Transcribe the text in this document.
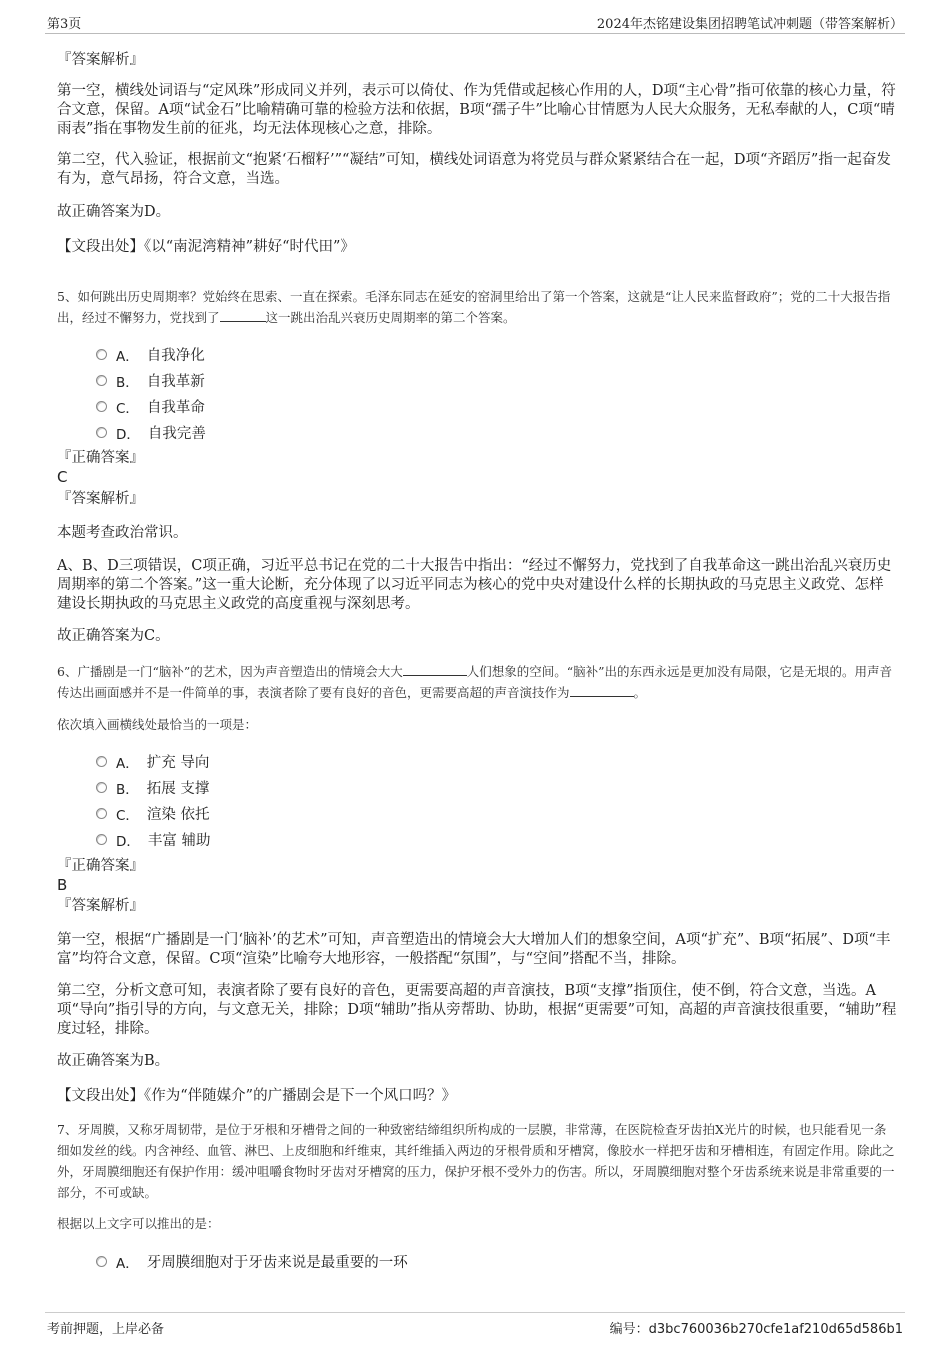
第3页	2024年杰铭建设集团招聘笔试冲刺题（带答案解析）
『答案解析』
第一空，横线处词语与“定风珠”形成同义并列，表示可以倚仗、作为凭借或起核心作用的人，D项“主心骨”指可依靠的核心力量，符合文意，保留。A项“试金石”比喻精确可靠的检验方法和依据，B项“孺子牛”比喻心甘情愿为人民大众服务，无私奉献的人，C项“晴雨表”指在事物发生前的征兆，均无法体现核心之意，排除。
第二空，代入验证，根据前文“抱紧‘石榴籽’”“凝结”可知，横线处词语意为将党员与群众紧紧结合在一起，D项“齐蹈厉”指一起奋发有为，意气昂扬，符合文意，当选。
故正确答案为D。
【文段出处】《以“南泥湾精神”耕好“时代田”》
5、如何跳出历史周期率？党始终在思索、一直在探索。毛泽东同志在延安的窑洞里给出了第一个答案，这就是“让人民来监督政府”；党的二十大报告指出，经过不懈努力，党找到了	这一跳出治乱兴衰历史周期率的第二个答案。
A． 自我净化
B． 自我革新
C． 自我革命
D． 自我完善
『正确答案』
C
『答案解析』
本题考查政治常识。
A、B、D三项错误，C项正确，习近平总书记在党的二十大报告中指出：“经过不懈努力，党找到了自我革命这一跳出治乱兴衰历史周期率的第二个答案。”这一重大论断，充分体现了以习近平同志为核心的党中央对建设什么样的长期执政的马克思主义政党、怎样建设长期执政的马克思主义政党的高度重视与深刻思考。
故正确答案为C。
6、广播剧是一门“脑补”的艺术，因为声音塑造出的情境会大大	人们想象的空间。“脑补”出的东西永远是更加没有局限，它是无垠的。用声音传达出画面感并不是一件简单的事，表演者除了要有良好的音色，更需要高超的声音演技作为	。
依次填入画横线处最恰当的一项是：
A． 扩充 导向
B． 拓展 支撑
C． 渲染 依托
D． 丰富 辅助
『正确答案』
B
『答案解析』
第一空，根据“广播剧是一门‘脑补’的艺术”可知，声音塑造出的情境会大大增加人们的想象空间，A项“扩充”、B项“拓展”、D项“丰富”均符合文意，保留。C项“渲染”比喻夸大地形容，一般搭配“氛围”，与“空间”搭配不当，排除。
第二空，分析文意可知，表演者除了要有良好的音色，更需要高超的声音演技，B项“支撑”指顶住，使不倒，符合文意，当选。A项“导向”指引导的方向，与文意无关，排除；D项“辅助”指从旁帮助、协助，根据“更需要”可知，高超的声音演技很重要，“辅助”程度过轻，排除。
故正确答案为B。
【文段出处】《作为“伴随媒介”的广播剧会是下一个风口吗？》
7、牙周膜，又称牙周韧带，是位于牙根和牙槽骨之间的一种致密结缔组织所构成的一层膜，非常薄，在医院检查牙齿拍X光片的时候，也只能看见一条细如发丝的线。内含神经、血管、淋巴、上皮细胞和纤维束，其纤维插入两边的牙根骨质和牙槽窝，像胶水一样把牙齿和牙槽相连，有固定作用。除此之外，牙周膜细胞还有保护作用：缓冲咀嚼食物时牙齿对牙槽窝的压力，保护牙根不受外力的伤害。所以，牙周膜细胞对整个牙齿系统来说是非常重要的一部分，不可或缺。
根据以上文字可以推出的是：
A． 牙周膜细胞对于牙齿来说是最重要的一环
考前押题，上岸必备	编号：d3bc760036b270cfe1af210d65d586b1
